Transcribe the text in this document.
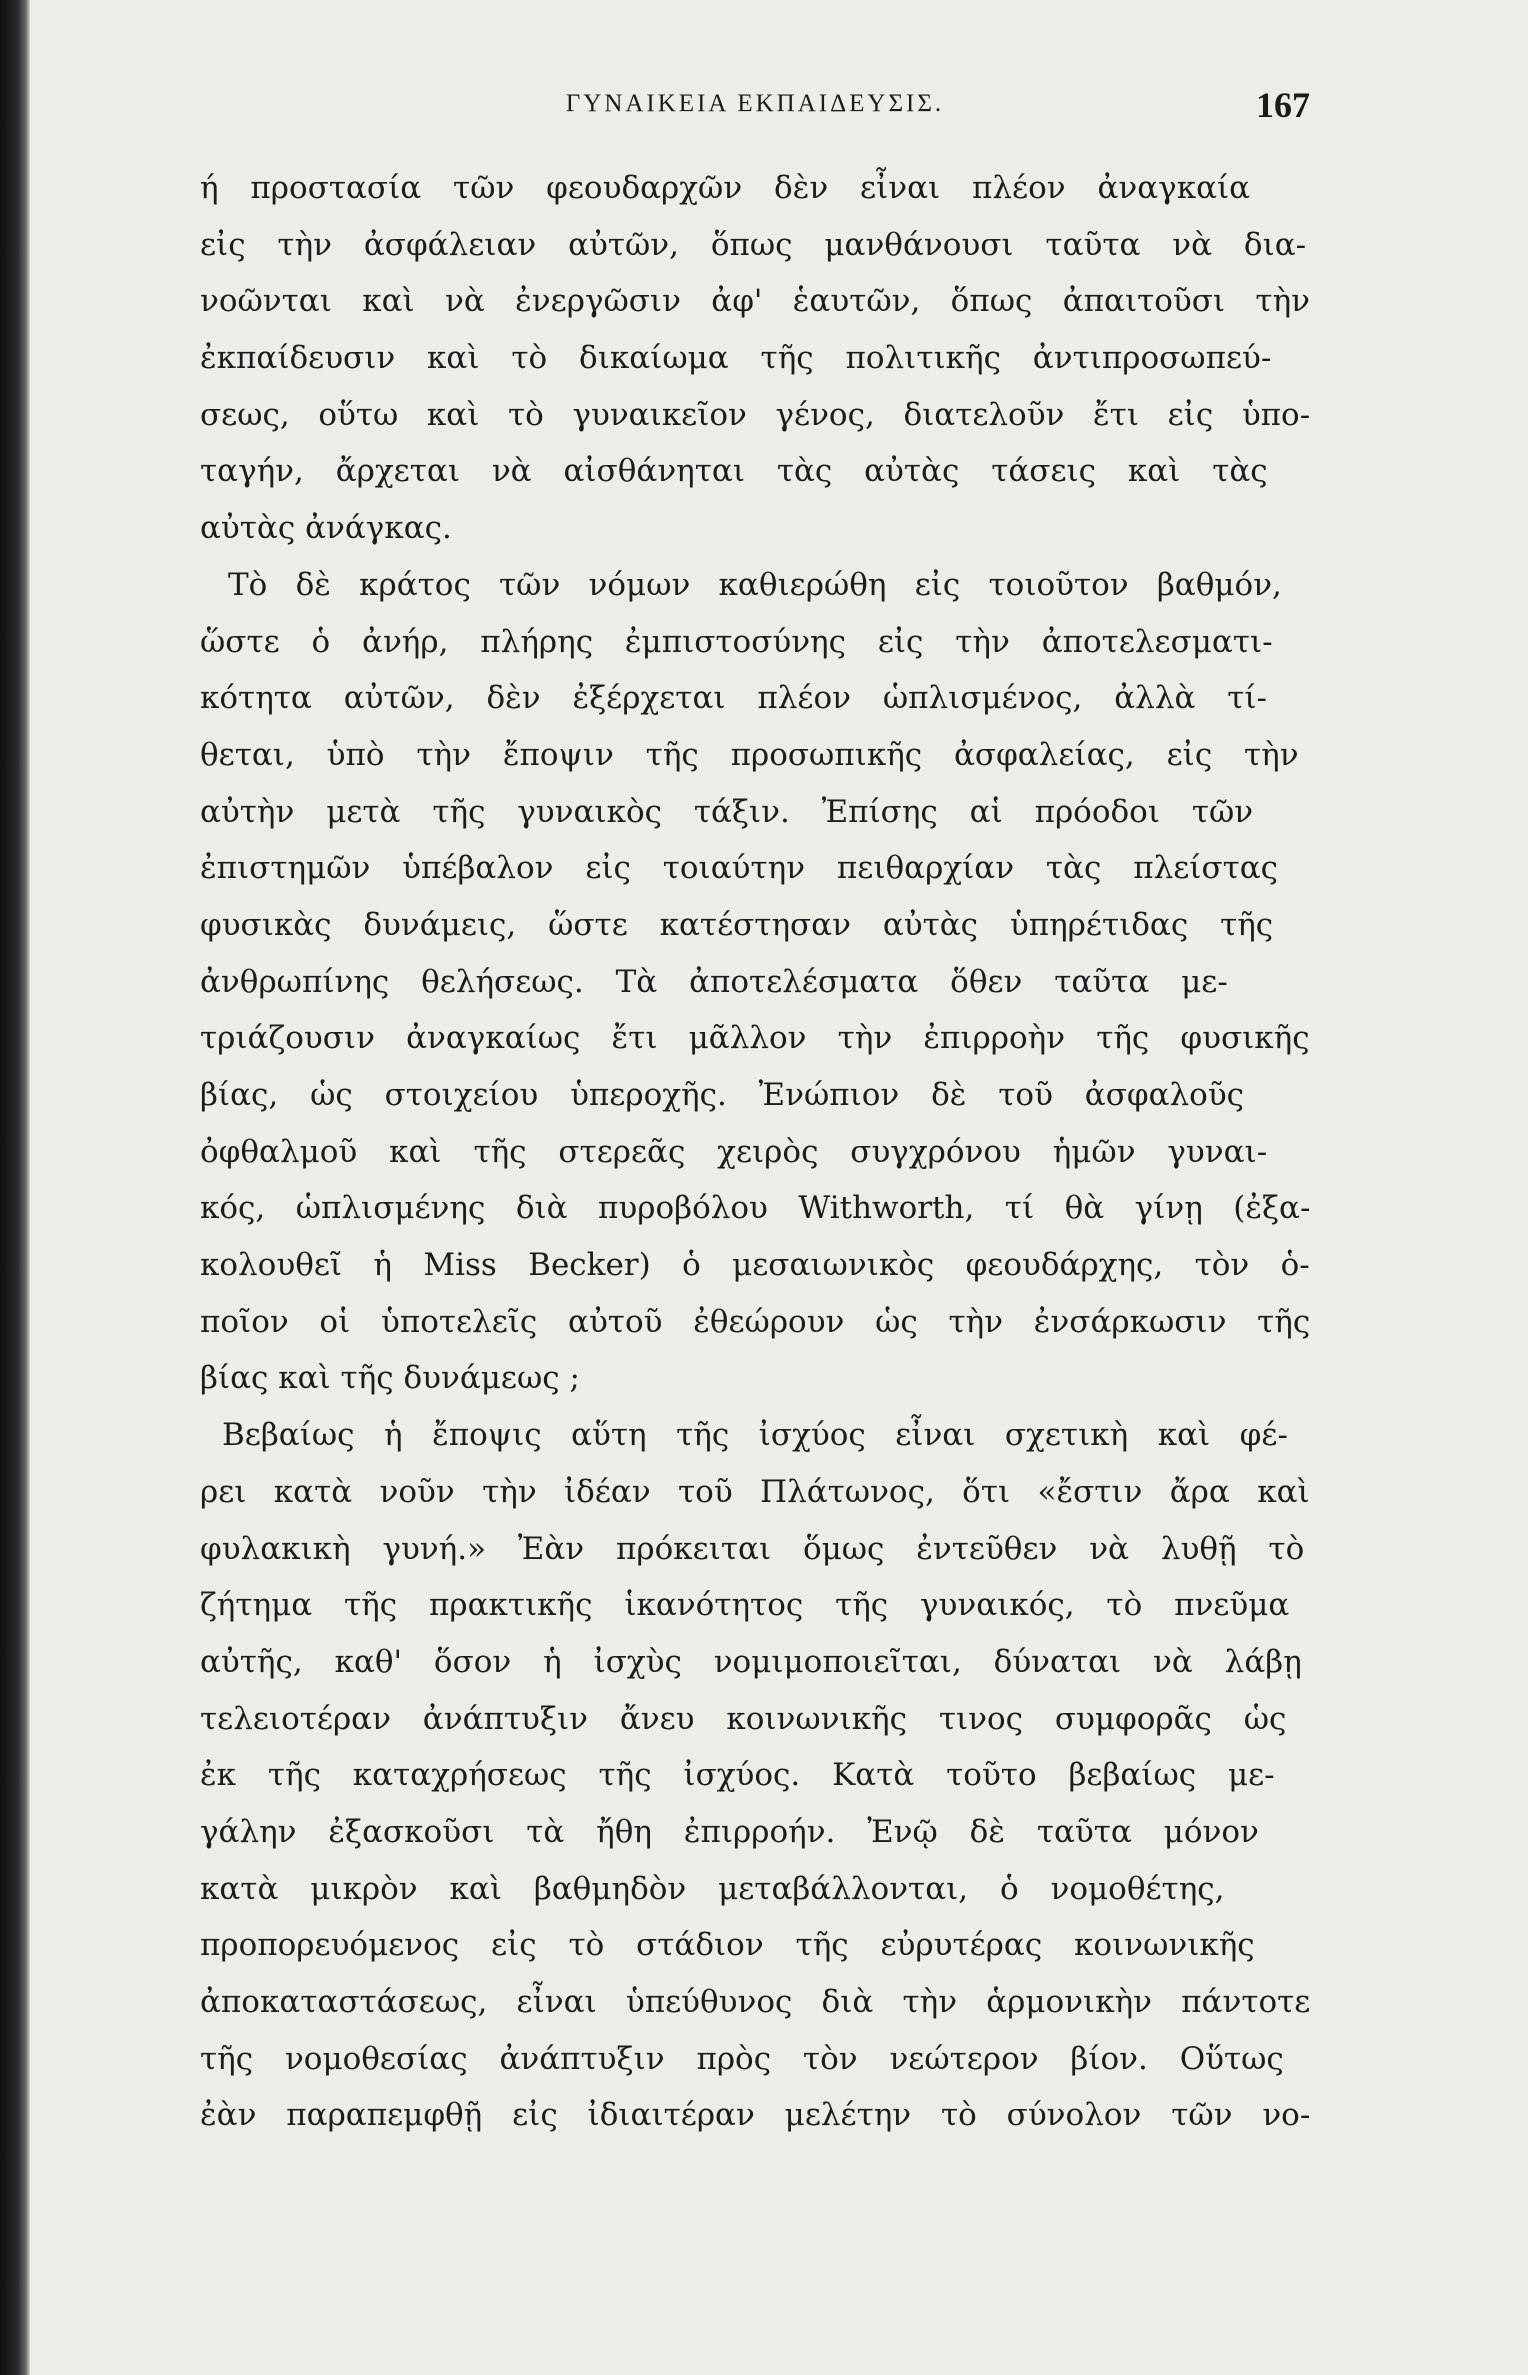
ΓΥΝΑΙΚΕΙΑ ΕΚΠΑΙΔΕΥΣΙΣ.	167
ή προστασία τῶν φεουδαρχῶν δὲν εἶναι πλέον ἀναγκαία
εἰς τὴν ἀσφάλειαν αὐτῶν, ὅπως μανθάνουσι ταῦτα νὰ δια-
νοῶνται καὶ νὰ ἐνεργῶσιν ἀφ' ἑαυτῶν, ὅπως ἀπαιτοῦσι τὴν
ἐκπαίδευσιν καὶ τὸ δικαίωμα τῆς πολιτικῆς ἀντιπροσωπεύ-
σεως, οὕτω καὶ τὸ γυναικεῖον γένος, διατελοῦν ἔτι εἰς ὑπο-
ταγήν, ἄρχεται νὰ αἰσθάνηται τὰς αὐτὰς τάσεις καὶ τὰς
αὐτὰς ἀνάγκας.
Τὸ δὲ κράτος τῶν νόμων καθιερώθη εἰς τοιοῦτον βαθμόν,
ὥστε ὁ ἀνήρ, πλήρης ἐμπιστοσύνης εἰς τὴν ἀποτελεσματι-
κότητα αὐτῶν, δὲν ἐξέρχεται πλέον ὡπλισμένος, ἀλλὰ τί-
θεται, ὑπὸ τὴν ἔποψιν τῆς προσωπικῆς ἀσφαλείας, εἰς τὴν
αὐτὴν μετὰ τῆς γυναικὸς τάξιν. Ἐπίσης αἱ πρόοδοι τῶν
ἐπιστημῶν ὑπέβαλον εἰς τοιαύτην πειθαρχίαν τὰς πλείστας
φυσικὰς δυνάμεις, ὥστε κατέστησαν αὐτὰς ὑπηρέτιδας τῆς
ἀνθρωπίνης θελήσεως. Τὰ ἀποτελέσματα ὅθεν ταῦτα με-
τριάζουσιν ἀναγκαίως ἔτι μᾶλλον τὴν ἐπιρροὴν τῆς φυσικῆς
βίας, ὡς στοιχείου ὑπεροχῆς. Ἐνώπιον δὲ τοῦ ἀσφαλοῦς
ὀφθαλμοῦ καὶ τῆς στερεᾶς χειρὸς συγχρόνου ἡμῶν γυναι-
κός, ὡπλισμένης διὰ πυροβόλου Withworth, τί θὰ γίνῃ (ἐξα-
κολουθεῖ ἡ Miss Becker) ὁ μεσαιωνικὸς φεουδάρχης, τὸν ὁ-
ποῖον οἱ ὑποτελεῖς αὐτοῦ ἐθεώρουν ὡς τὴν ἐνσάρκωσιν τῆς
βίας καὶ τῆς δυνάμεως ;
Βεβαίως ἡ ἔποψις αὕτη τῆς ἰσχύος εἶναι σχετικὴ καὶ φέ-
ρει κατὰ νοῦν τὴν ἰδέαν τοῦ Πλάτωνος, ὅτι «ἔστιν ἄρα καὶ
φυλακικὴ γυνή.» Ἐὰν πρόκειται ὅμως ἐντεῦθεν νὰ λυθῇ τὸ
ζήτημα τῆς πρακτικῆς ἱκανότητος τῆς γυναικός, τὸ πνεῦμα
αὐτῆς, καθ' ὅσον ἡ ἰσχὺς νομιμοποιεῖται, δύναται νὰ λάβῃ
τελειοτέραν ἀνάπτυξιν ἄνευ κοινωνικῆς τινος συμφορᾶς ὡς
ἐκ τῆς καταχρήσεως τῆς ἰσχύος. Κατὰ τοῦτο βεβαίως με-
γάλην ἐξασκοῦσι τὰ ἤθη ἐπιρροήν. Ἐνῷ δὲ ταῦτα μόνον
κατὰ μικρὸν καὶ βαθμηδὸν μεταβάλλονται, ὁ νομοθέτης,
προπορευόμενος εἰς τὸ στάδιον τῆς εὐρυτέρας κοινωνικῆς
ἀποκαταστάσεως, εἶναι ὑπεύθυνος διὰ τὴν ἁρμονικὴν πάντοτε
τῆς νομοθεσίας ἀνάπτυξιν πρὸς τὸν νεώτερον βίον. Οὕτως
ἐὰν παραπεμφθῇ εἰς ἰδιαιτέραν μελέτην τὸ σύνολον τῶν νο-
